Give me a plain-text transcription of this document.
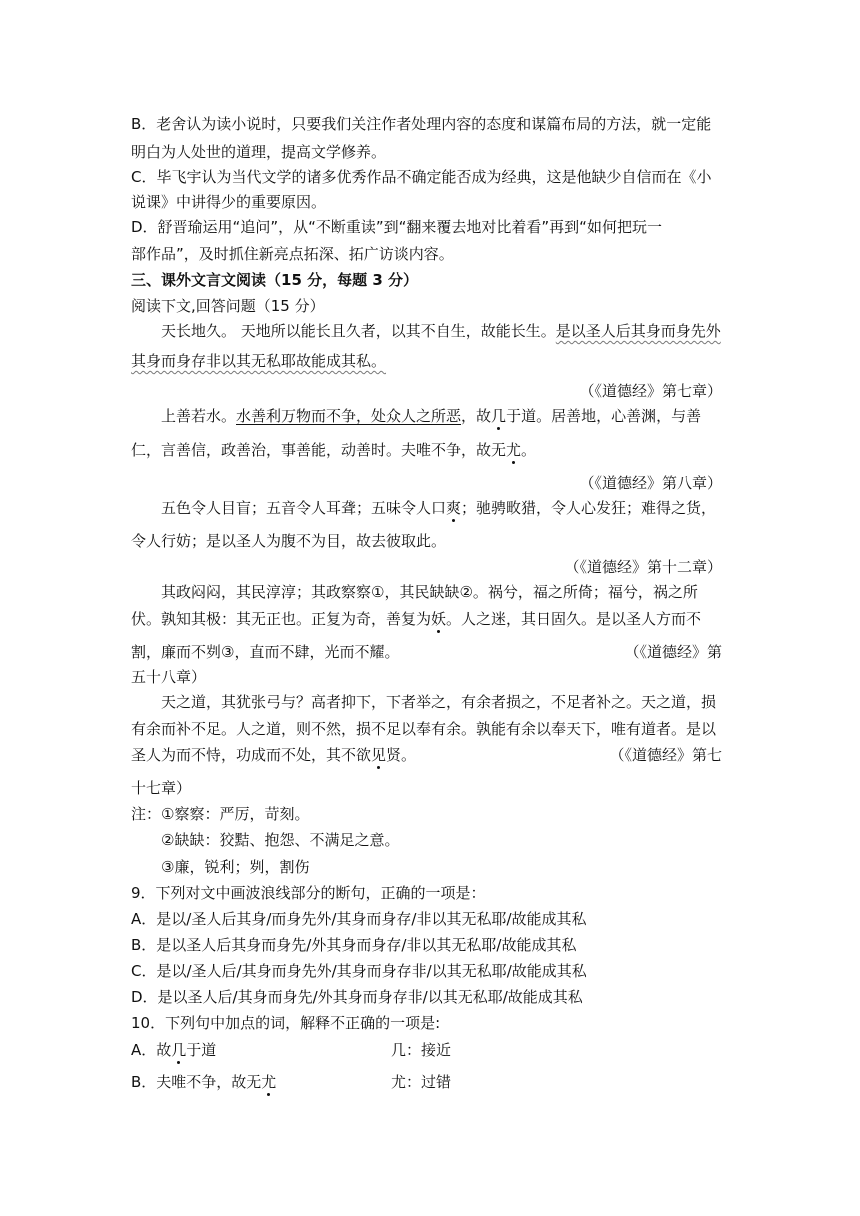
B．老舍认为读小说时，只要我们关注作者处理内容的态度和谋篇布局的方法，就一定能
明白为人处世的道理，提高文学修养。
C．毕飞宇认为当代文学的诸多优秀作品不确定能否成为经典，这是他缺少自信而在《小
说课》中讲得少的重要原因。
D．舒晋瑜运用“追问”，从“不断重读”到“翻来覆去地对比着看”再到“如何把玩一
部作品”，及时抓住新亮点拓深、拓广访谈内容。
三、课外文言文阅读（15 分，每题 3 分）
阅读下文,回答问题（15 分）
天长地久。 天地所以能长且久者，以其不自生，故能长生。是以圣人后其身而身先外
其身而身存非以其无私耶故能成其私。
（《道德经》第七章）
上善若水。水善利万物而不争，处众人之所恶，故几于道。居善地，心善渊，与善
仁，言善信，政善治，事善能，动善时。夫唯不争，故无尤。
（《道德经》第八章）
五色令人目盲；五音令人耳聋；五味令人口爽；驰骋畋猎，令人心发狂；难得之货，
令人行妨；是以圣人为腹不为目，故去彼取此。
（《道德经》第十二章）
其政闷闷，其民淳淳；其政察察①，其民缺缺②。祸兮，福之所倚；福兮，祸之所
伏。孰知其极：其无正也。正复为奇，善复为妖。人之迷，其日固久。是以圣人方而不
割，廉而不刿③，直而不肆，光而不耀。	（《道德经》第
五十八章）
天之道，其犹张弓与？高者抑下，下者举之，有余者损之，不足者补之。天之道，损
有余而补不足。人之道，则不然，损不足以奉有余。孰能有余以奉天下，唯有道者。是以
圣人为而不恃，功成而不处，其不欲见贤。	（《道德经》第七
十七章）
注：①察察：严厉，苛刻。
②缺缺：狡黠、抱怨、不满足之意。
③廉，锐利；刿，割伤
9．下列对文中画波浪线部分的断句，正确的一项是：
A．是以/圣人后其身/而身先外/其身而身存/非以其无私耶/故能成其私
B．是以圣人后其身而身先/外其身而身存/非以其无私耶/故能成其私
C．是以/圣人后/其身而身先外/其身而身存非/以其无私耶/故能成其私
D．是以圣人后/其身而身先/外其身而身存非/以其无私耶/故能成其私
10．下列句中加点的词，解释不正确的一项是:
A．故几于道	几：接近
B．夫唯不争，故无尤	尤：过错
